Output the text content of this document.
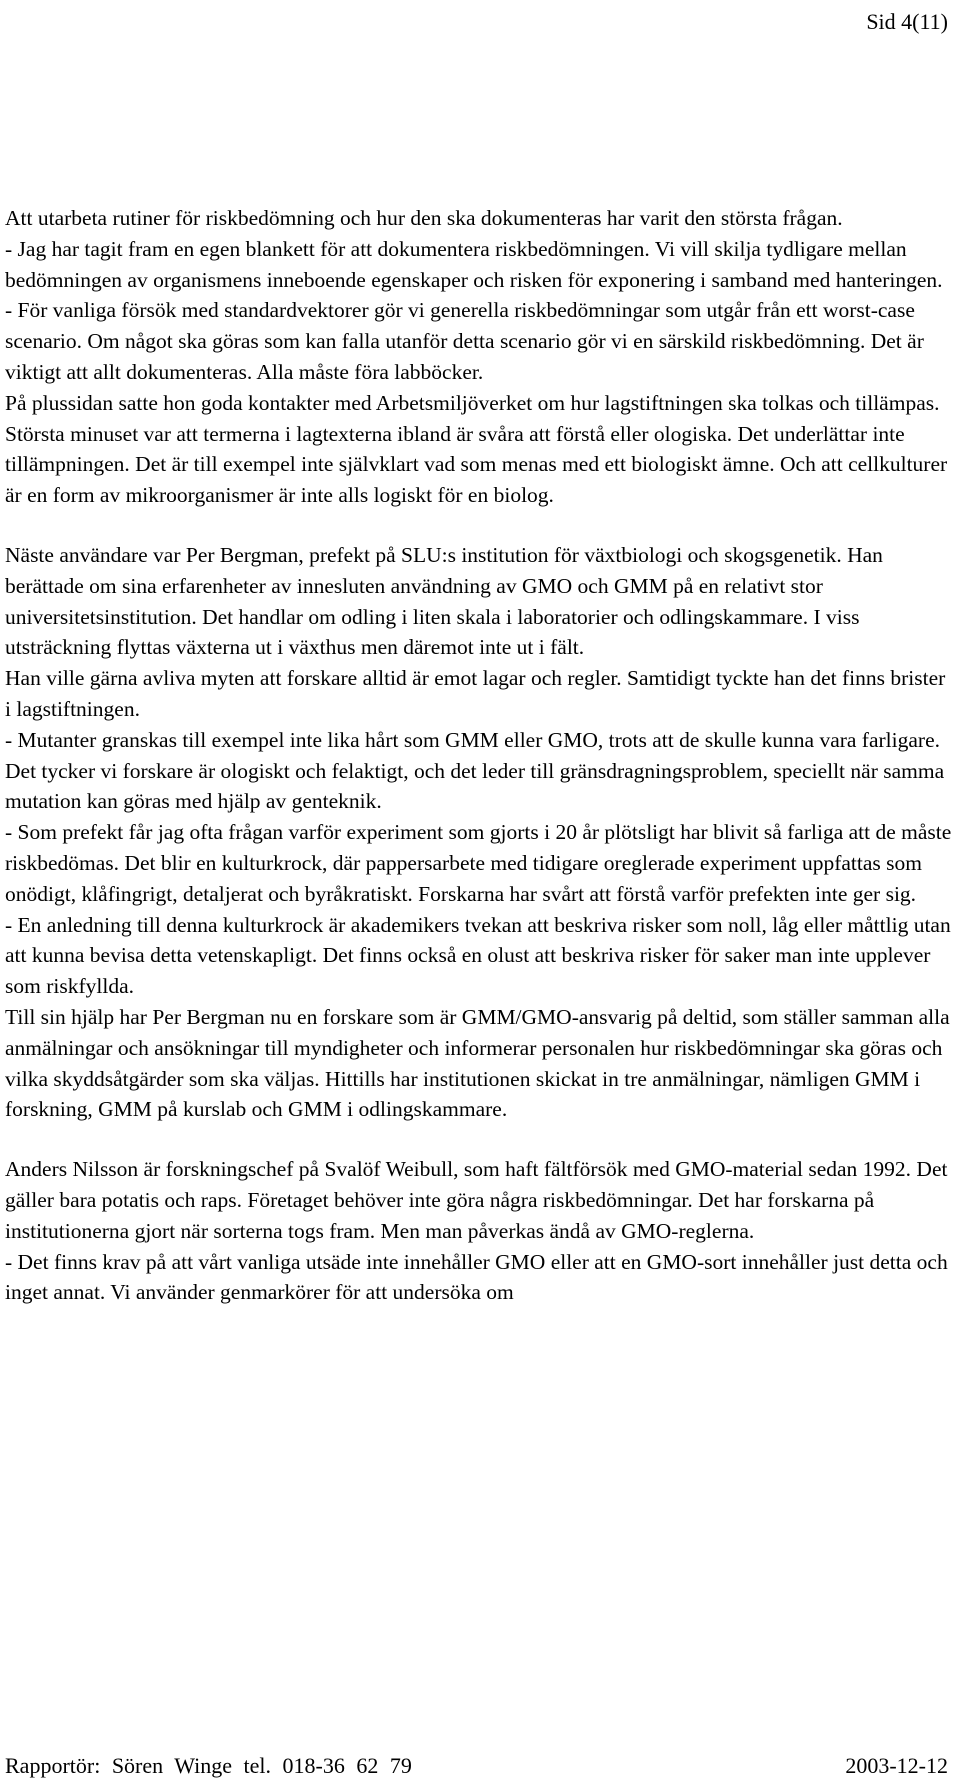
Sid 4(11)

Att utarbeta rutiner för riskbedömning och hur den ska dokumenteras har varit den största frågan.

- Jag har tagit fram en egen blankett för att dokumentera riskbedömningen. Vi vill skilja tydligare mellan bedömningen av organismens inneboende egenskaper och risken för exponering i samband med hanteringen.

- För vanliga försök med standardvektorer gör vi generella riskbedömningar som utgår från ett worst-case scenario. Om något ska göras som kan falla utanför detta scenario gör vi en särskild riskbedömning. Det är viktigt att allt dokumenteras. Alla måste föra labböcker.

På plussidan satte hon goda kontakter med Arbetsmiljöverket om hur lagstiftningen ska tolkas och tillämpas. Största minuset var att termerna i lagtexterna ibland är svåra att förstå eller ologiska. Det underlättar inte tillämpningen. Det är till exempel inte självklart vad som menas med ett biologiskt ämne. Och att cellkulturer är en form av mikroorganismer är inte alls logiskt för en biolog.

Näste användare var Per Bergman, prefekt på SLU:s institution för växtbiologi och skogsgenetik. Han berättade om sina erfarenheter av innesluten användning av GMO och GMM på en relativt stor universitetsinstitution. Det handlar om odling i liten skala i laboratorier och odlingskammare. I viss utsträckning flyttas växterna ut i växthus men däremot inte ut i fält.

Han ville gärna avliva myten att forskare alltid är emot lagar och regler. Samtidigt tyckte han det finns brister i lagstiftningen.

- Mutanter granskas till exempel inte lika hårt som GMM eller GMO, trots att de skulle kunna vara farligare. Det tycker vi forskare är ologiskt och felaktigt, och det leder till gränsdragningsproblem, speciellt när samma mutation kan göras med hjälp av genteknik.

- Som prefekt får jag ofta frågan varför experiment som gjorts i 20 år plötsligt har blivit så farliga att de måste riskbedömas. Det blir en kulturkrock, där pappersarbete med tidigare oreglerade experiment uppfattas som onödigt, klåfingrigt, detaljerat och byråkratiskt. Forskarna har svårt att förstå varför prefekten inte ger sig.

- En anledning till denna kulturkrock är akademikers tvekan att beskriva risker som noll, låg eller måttlig utan att kunna bevisa detta vetenskapligt. Det finns också en olust att beskriva risker för saker man inte upplever som riskfyllda.

Till sin hjälp har Per Bergman nu en forskare som är GMM/GMO-ansvarig på deltid, som ställer samman alla anmälningar och ansökningar till myndigheter och informerar personalen hur riskbedömningar ska göras och vilka skyddsåtgärder som ska väljas. Hittills har institutionen skickat in tre anmälningar, nämligen GMM i forskning, GMM på kurslab och GMM i odlingskammare.

Anders Nilsson är forskningschef på Svalöf Weibull, som haft fältförsök med GMO-material sedan 1992. Det gäller bara potatis och raps. Företaget behöver inte göra några riskbedömningar. Det har forskarna på institutionerna gjort när sorterna togs fram. Men man påverkas ändå av GMO-reglerna.

- Det finns krav på att vårt vanliga utsäde inte innehåller GMO eller att en GMO-sort innehåller just detta och inget annat. Vi använder genmarkörer för att undersöka om

Rapportör: Sören Winge tel. 018-36 62 79	2003-12-12
